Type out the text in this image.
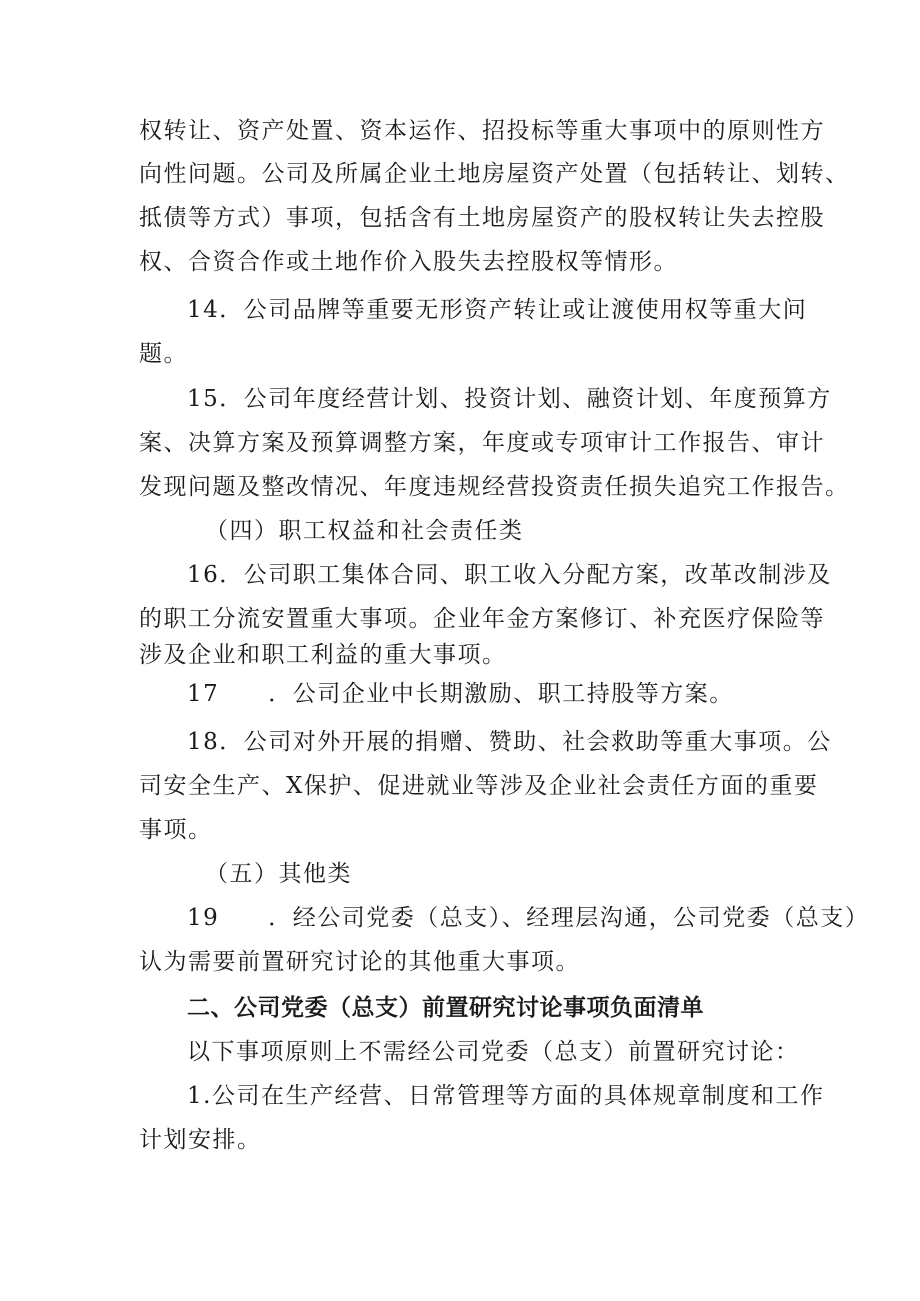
权转让、资产处置、资本运作、招投标等重大事项中的原则性方
向性问题。公司及所属企业土地房屋资产处置（包括转让、划转、
抵债等方式）事项，包括含有土地房屋资产的股权转让失去控股
权、合资合作或土地作价入股失去控股权等情形。
14．公司品牌等重要无形资产转让或让渡使用权等重大问
题。
15．公司年度经营计划、投资计划、融资计划、年度预算方
案、决算方案及预算调整方案，年度或专项审计工作报告、审计
发现问题及整改情况、年度违规经营投资责任损失追究工作报告。
（四）职工权益和社会责任类
16．公司职工集体合同、职工收入分配方案，改革改制涉及
的职工分流安置重大事项。企业年金方案修订、补充医疗保险等
涉及企业和职工利益的重大事项。
17　　．公司企业中长期激励、职工持股等方案。
18．公司对外开展的捐赠、赞助、社会救助等重大事项。公
司安全生产、X保护、促进就业等涉及企业社会责任方面的重要
事项。
（五）其他类
19　　．经公司党委（总支）、经理层沟通，公司党委（总支）
认为需要前置研究讨论的其他重大事项。
二、公司党委（总支）前置研究讨论事项负面清单
以下事项原则上不需经公司党委（总支）前置研究讨论：
1.公司在生产经营、日常管理等方面的具体规章制度和工作
计划安排。
